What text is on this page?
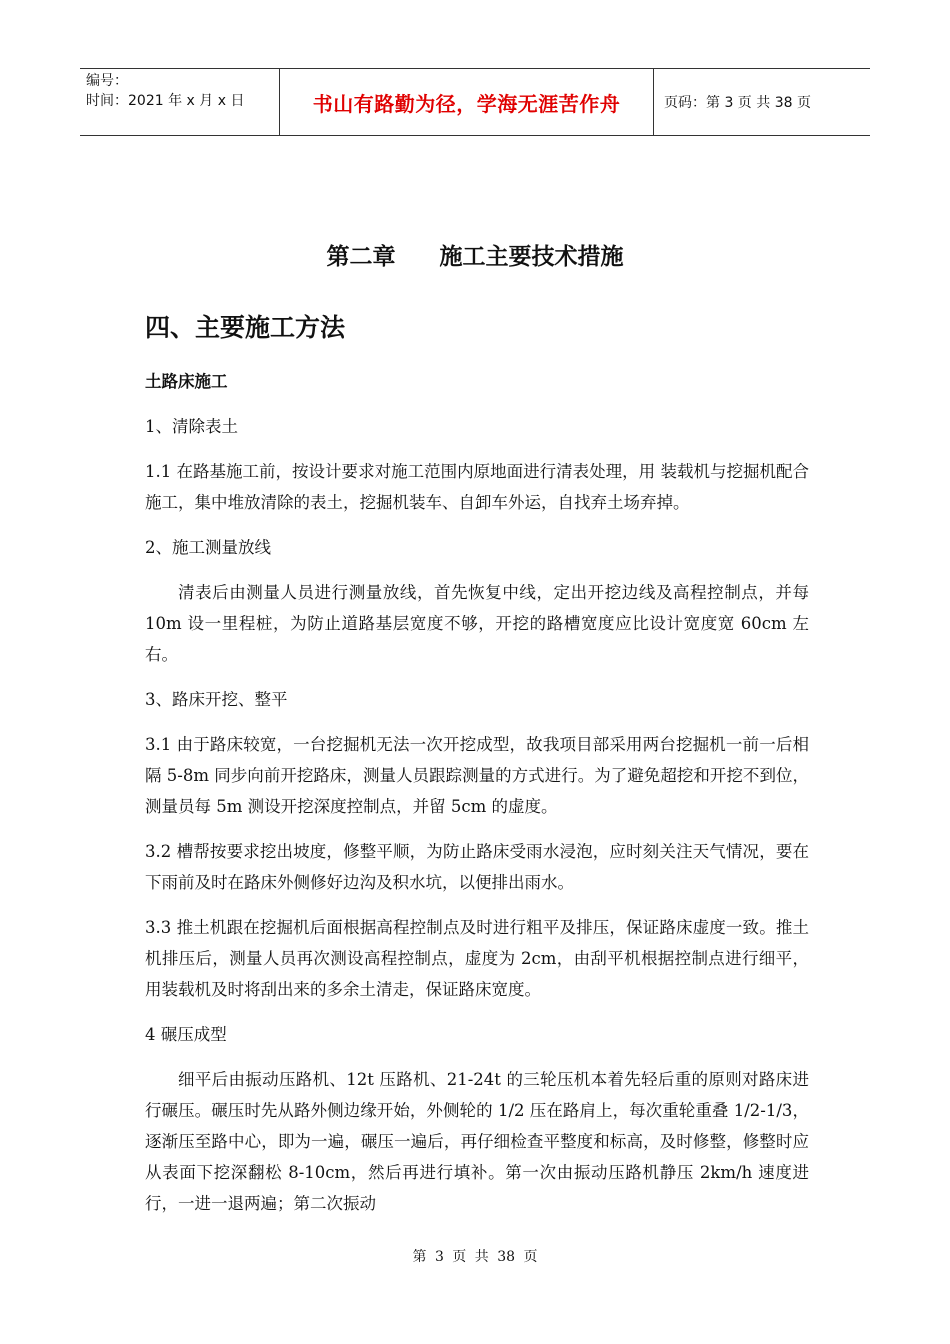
编号：
时间：2021 年 x 月 x 日	书山有路勤为径，学海无涯苦作舟	页码：第 3 页 共 38 页
第二章 施工主要技术措施
四、主要施工方法

土路床施工

1、清除表土

1.1 在路基施工前，按设计要求对施工范围内原地面进行清表处理，用 装载机与挖掘机配合施工，集中堆放清除的表土，挖掘机装车、自卸车外运，自找弃土场弃掉。

2、施工测量放线

清表后由测量人员进行测量放线，首先恢复中线，定出开挖边线及高程控制点，并每 10m 设一里程桩，为防止道路基层宽度不够，开挖的路槽宽度应比设计宽度宽 60cm 左右。

3、路床开挖、整平

3.1 由于路床较宽，一台挖掘机无法一次开挖成型，故我项目部采用两台挖掘机一前一后相隔 5-8m 同步向前开挖路床，测量人员跟踪测量的方式进行。为了避免超挖和开挖不到位，测量员每 5m 测设开挖深度控制点，并留 5cm 的虚度。

3.2 槽帮按要求挖出坡度，修整平顺，为防止路床受雨水浸泡，应时刻关注天气情况，要在下雨前及时在路床外侧修好边沟及积水坑，以便排出雨水。

3.3 推土机跟在挖掘机后面根据高程控制点及时进行粗平及排压，保证路床虚度一致。推土机排压后，测量人员再次测设高程控制点，虚度为 2cm，由刮平机根据控制点进行细平，用装载机及时将刮出来的多余土清走，保证路床宽度。

4 碾压成型

细平后由振动压路机、12t 压路机、21-24t 的三轮压机本着先轻后重的原则对路床进行碾压。碾压时先从路外侧边缘开始，外侧轮的 1/2 压在路肩上，每次重轮重叠 1/2-1/3，逐渐压至路中心，即为一遍，碾压一遍后，再仔细检查平整度和标高，及时修整，修整时应从表面下挖深翻松 8-10cm，然后再进行填补。第一次由振动压路机静压 2km/h 速度进行，一进一退两遍；第二次振动

第 3 页 共 38 页
